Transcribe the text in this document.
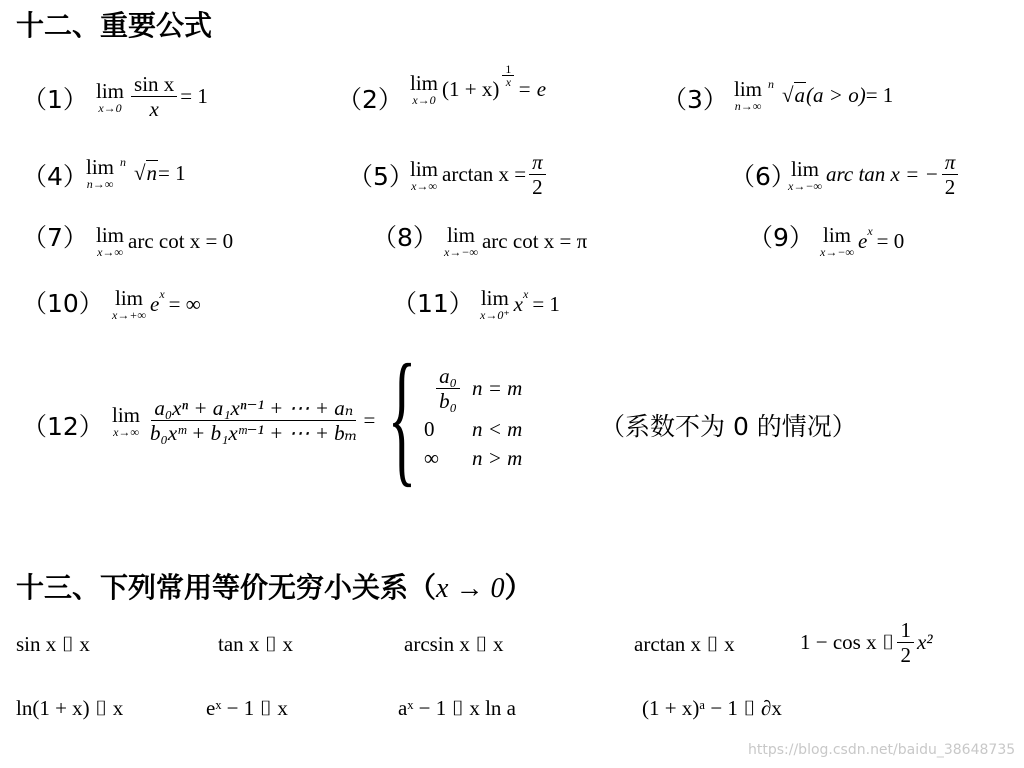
十二、重要公式
（1） lim
$x\to 0 \frac{\text{sin x}}{x} = 1$	（2）
lim
x→0 (1 + x)
$\frac{1}{x}$
= e	（3） lim
n→∞
n √a (a > o) = 1
（4）
lim
n→∞
n √n = 1	（5）
lim
x→∞ $\arctan x = \frac{\pi}{2}$	（6）
lim
x→−∞ arc tan x = − $\frac{\pi}{2}$
（7） lim
x→∞ arc cot x = 0	（8） lim
x→−∞ arc cot x = π	（9） lim
x→−∞ e x = 0
（10） lim
x→+∞ e x = ∞	（11） lim
x→0⁺ x x = 1
（12） lim
$x\to\infty \frac{\text{a₀xⁿ + a₁xⁿ⁻¹ + ⋯ + aₙ}}{\text{b₀xᵐ + b₁xᵐ⁻¹ + ⋯ + bₘ}}$ = { $\frac{\text{a₀}}{\text{b₀}}$ n = m
0	n < m
∞	n > m
（系数不为 0 的情况）
十三、下列常用等价无穷小关系（x → 0）
sin x ⌷ x	tan x ⌷ x	arcsin x ⌷ x	arctan x ⌷ x	1 − cos x ⌷ $\frac{1}{2} x^2$
ln(1 + x) ⌷ x	eˣ − 1 ⌷ x	aˣ − 1 ⌷ x ln a	(1 + x)ᵃ − 1 ⌷ ∂x
https://blog.csdn.net/baidu_38648735
